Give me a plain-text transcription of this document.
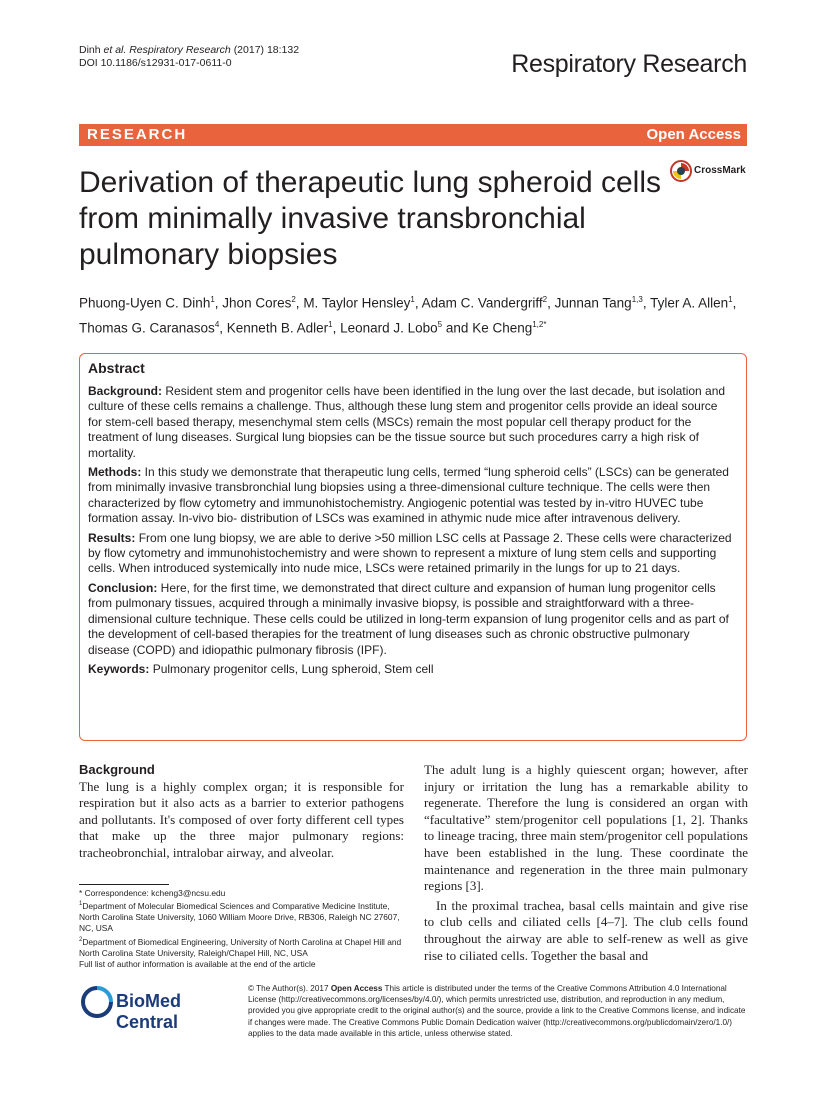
Dinh et al. Respiratory Research (2017) 18:132
DOI 10.1186/s12931-017-0611-0	Respiratory Research
RESEARCH	Open Access
Derivation of therapeutic lung spheroid cells from minimally invasive transbronchial pulmonary biopsies
CrossMark
Phuong-Uyen C. Dinh$^1$, Jhon Cores$^2$, M. Taylor Hensley$^1$, Adam C. Vandergriff$^2$, Junnan Tang$^{1,3}$, Tyler A. Allen$^1$, Thomas G. Caranasos$^4$, Kenneth B. Adler$^1$, Leonard J. Lobo$^5$ and Ke Cheng$^{1,2*}$
Abstract

Background: Resident stem and progenitor cells have been identified in the lung over the last decade, but isolation and culture of these cells remains a challenge. Thus, although these lung stem and progenitor cells provide an ideal source for stem-cell based therapy, mesenchymal stem cells (MSCs) remain the most popular cell therapy product for the treatment of lung diseases. Surgical lung biopsies can be the tissue source but such procedures carry a high risk of mortality.

Methods: In this study we demonstrate that therapeutic lung cells, termed “lung spheroid cells” (LSCs) can be generated from minimally invasive transbronchial lung biopsies using a three-dimensional culture technique. The cells were then characterized by flow cytometry and immunohistochemistry. Angiogenic potential was tested by in-vitro HUVEC tube formation assay. In-vivo bio- distribution of LSCs was examined in athymic nude mice after intravenous delivery.

Results: From one lung biopsy, we are able to derive >50 million LSC cells at Passage 2. These cells were characterized by flow cytometry and immunohistochemistry and were shown to represent a mixture of lung stem cells and supporting cells. When introduced systemically into nude mice, LSCs were retained primarily in the lungs for up to 21 days.

Conclusion: Here, for the first time, we demonstrated that direct culture and expansion of human lung progenitor cells from pulmonary tissues, acquired through a minimally invasive biopsy, is possible and straightforward with a three-dimensional culture technique. These cells could be utilized in long-term expansion of lung progenitor cells and as part of the development of cell-based therapies for the treatment of lung diseases such as chronic obstructive pulmonary disease (COPD) and idiopathic pulmonary fibrosis (IPF).

Keywords: Pulmonary progenitor cells, Lung spheroid, Stem cell

Background

The lung is a highly complex organ; it is responsible for respiration but it also acts as a barrier to exterior pathogens and pollutants. It's composed of over forty different cell types that make up the three major pulmonary regions: tracheobronchial, intralobar airway, and alveolar.

The adult lung is a highly quiescent organ; however, after injury or irritation the lung has a remarkable ability to regenerate. Therefore the lung is considered an organ with “facultative” stem/progenitor cell populations [1, 2]. Thanks to lineage tracing, three main stem/progenitor cell populations have been established in the lung. These coordinate the maintenance and regeneration in the three main pulmonary regions [3].

In the proximal trachea, basal cells maintain and give rise to club cells and ciliated cells [4–7]. The club cells found throughout the airway are able to self-renew as well as give rise to ciliated cells. Together the basal and

* Correspondence: kcheng3@ncsu.edu

$^1$Department of Molecular Biomedical Sciences and Comparative Medicine Institute, North Carolina State University, 1060 William Moore Drive, RB306, Raleigh NC 27607, NC, USA

$^2$Department of Biomedical Engineering, University of North Carolina at Chapel Hill and North Carolina State University, Raleigh/Chapel Hill, NC, USA

Full list of author information is available at the end of the article

BioMed Central
© The Author(s). 2017 Open Access This article is distributed under the terms of the Creative Commons Attribution 4.0 International License (http://creativecommons.org/licenses/by/4.0/), which permits unrestricted use, distribution, and reproduction in any medium, provided you give appropriate credit to the original author(s) and the source, provide a link to the Creative Commons license, and indicate if changes were made. The Creative Commons Public Domain Dedication waiver (http://creativecommons.org/publicdomain/zero/1.0/) applies to the data made available in this article, unless otherwise stated.
